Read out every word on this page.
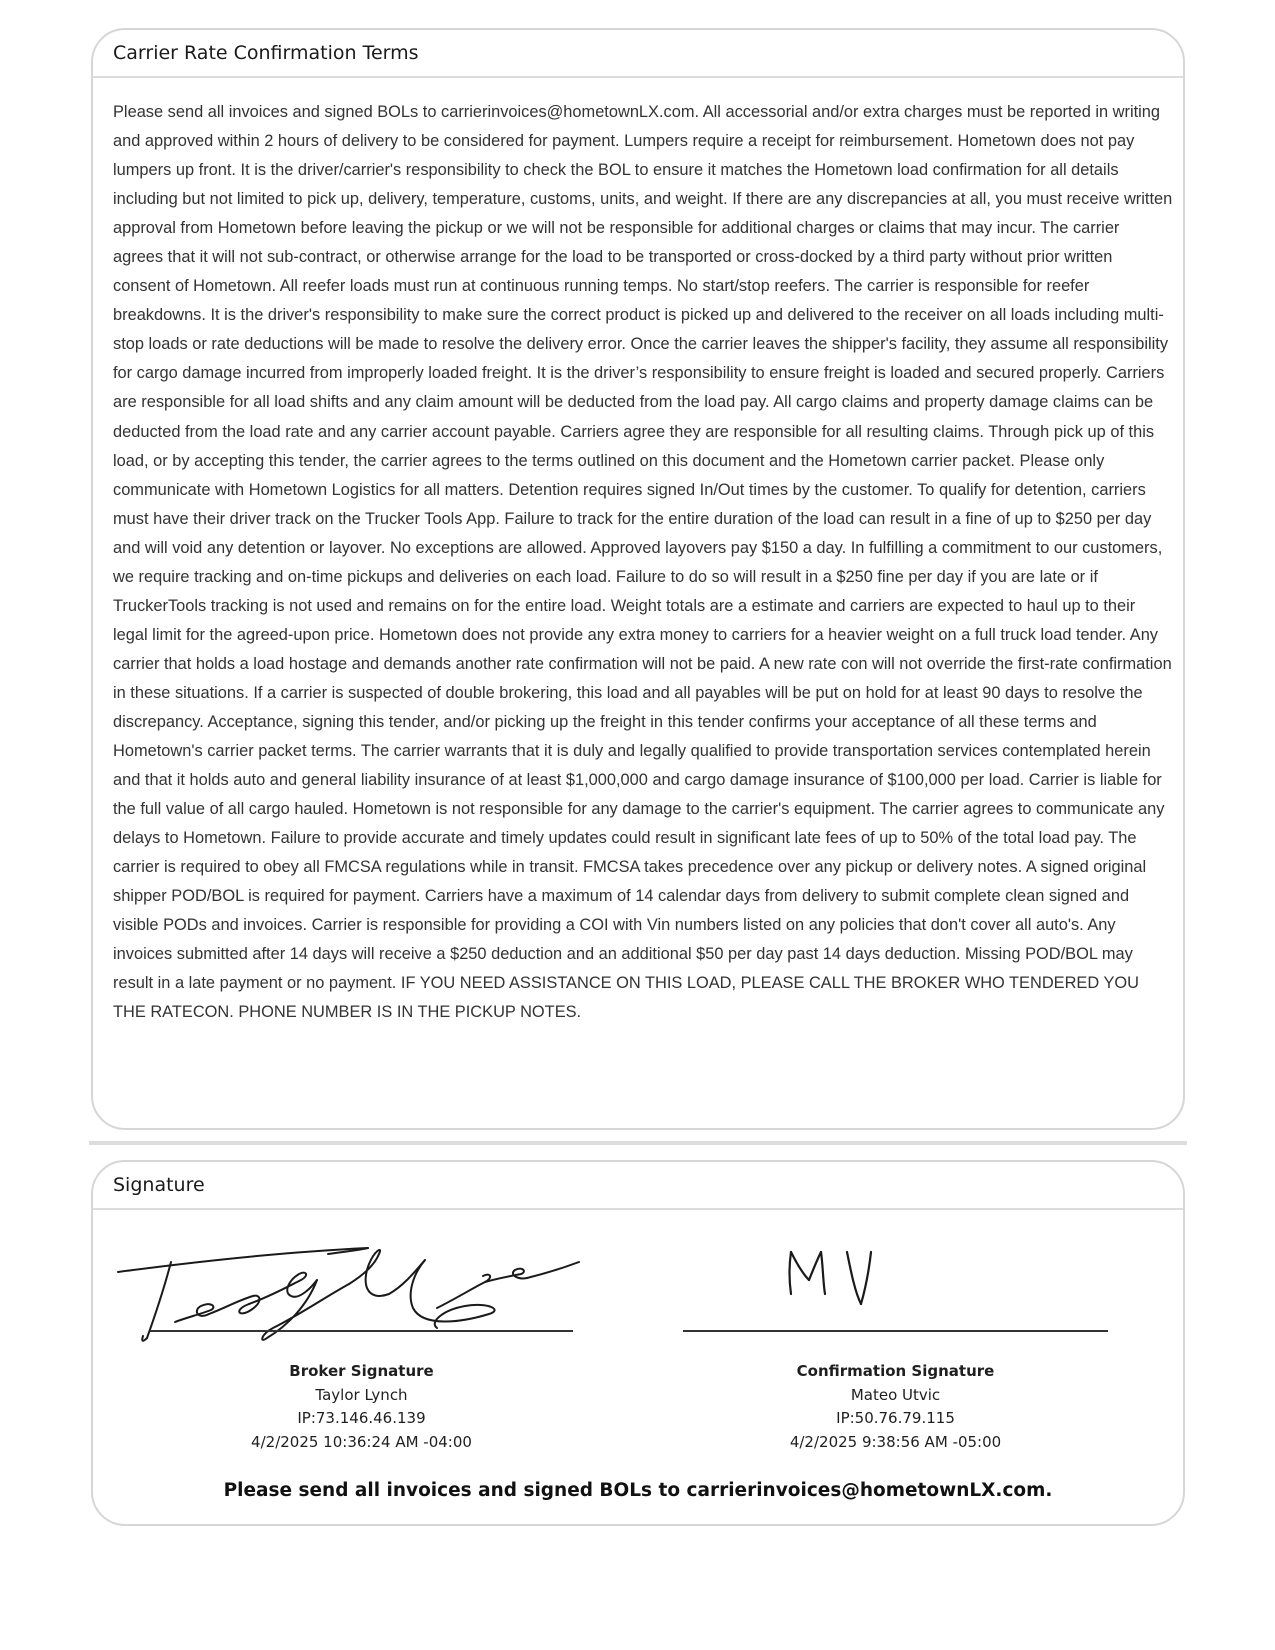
Carrier Rate Confirmation Terms
Please send all invoices and signed BOLs to carrierinvoices@hometownLX.com. All accessorial and/or extra charges must be reported in writing and approved within 2 hours of delivery to be considered for payment. Lumpers require a receipt for reimbursement. Hometown does not pay lumpers up front. It is the driver/carrier's responsibility to check the BOL to ensure it matches the Hometown load confirmation for all details including but not limited to pick up, delivery, temperature, customs, units, and weight. If there are any discrepancies at all, you must receive written approval from Hometown before leaving the pickup or we will not be responsible for additional charges or claims that may incur. The carrier agrees that it will not sub-contract, or otherwise arrange for the load to be transported or cross-docked by a third party without prior written consent of Hometown. All reefer loads must run at continuous running temps. No start/stop reefers. The carrier is responsible for reefer breakdowns. It is the driver's responsibility to make sure the correct product is picked up and delivered to the receiver on all loads including multi-stop loads or rate deductions will be made to resolve the delivery error. Once the carrier leaves the shipper's facility, they assume all responsibility for cargo damage incurred from improperly loaded freight. It is the driver’s responsibility to ensure freight is loaded and secured properly. Carriers are responsible for all load shifts and any claim amount will be deducted from the load pay. All cargo claims and property damage claims can be deducted from the load rate and any carrier account payable. Carriers agree they are responsible for all resulting claims. Through pick up of this load, or by accepting this tender, the carrier agrees to the terms outlined on this document and the Hometown carrier packet. Please only communicate with Hometown Logistics for all matters. Detention requires signed In/Out times by the customer. To qualify for detention, carriers must have their driver track on the Trucker Tools App. Failure to track for the entire duration of the load can result in a fine of up to $250 per day and will void any detention or layover. No exceptions are allowed. Approved layovers pay $150 a day. In fulfilling a commitment to our customers, we require tracking and on-time pickups and deliveries on each load. Failure to do so will result in a $250 fine per day if you are late or if TruckerTools tracking is not used and remains on for the entire load. Weight totals are a estimate and carriers are expected to haul up to their legal limit for the agreed-upon price. Hometown does not provide any extra money to carriers for a heavier weight on a full truck load tender. Any carrier that holds a load hostage and demands another rate confirmation will not be paid. A new rate con will not override the first-rate confirmation in these situations. If a carrier is suspected of double brokering, this load and all payables will be put on hold for at least 90 days to resolve the discrepancy. Acceptance, signing this tender, and/or picking up the freight in this tender confirms your acceptance of all these terms and Hometown's carrier packet terms. The carrier warrants that it is duly and legally qualified to provide transportation services contemplated herein and that it holds auto and general liability insurance of at least $1,000,000 and cargo damage insurance of $100,000 per load. Carrier is liable for the full value of all cargo hauled. Hometown is not responsible for any damage to the carrier's equipment. The carrier agrees to communicate any delays to Hometown. Failure to provide accurate and timely updates could result in significant late fees of up to 50% of the total load pay. The carrier is required to obey all FMCSA regulations while in transit. FMCSA takes precedence over any pickup or delivery notes. A signed original shipper POD/BOL is required for payment. Carriers have a maximum of 14 calendar days from delivery to submit complete clean signed and visible PODs and invoices. Carrier is responsible for providing a COI with Vin numbers listed on any policies that don't cover all auto's. Any invoices submitted after 14 days will receive a $250 deduction and an additional $50 per day past 14 days deduction. Missing POD/BOL may result in a late payment or no payment. IF YOU NEED ASSISTANCE ON THIS LOAD, PLEASE CALL THE BROKER WHO TENDERED YOU THE RATECON. PHONE NUMBER IS IN THE PICKUP NOTES.
Signature
Broker Signature
Taylor Lynch
IP:73.146.46.139
4/2/2025 10:36:24 AM -04:00
Confirmation Signature
Mateo Utvic
IP:50.76.79.115
4/2/2025 9:38:56 AM -05:00
Please send all invoices and signed BOLs to carrierinvoices@hometownLX.com.
